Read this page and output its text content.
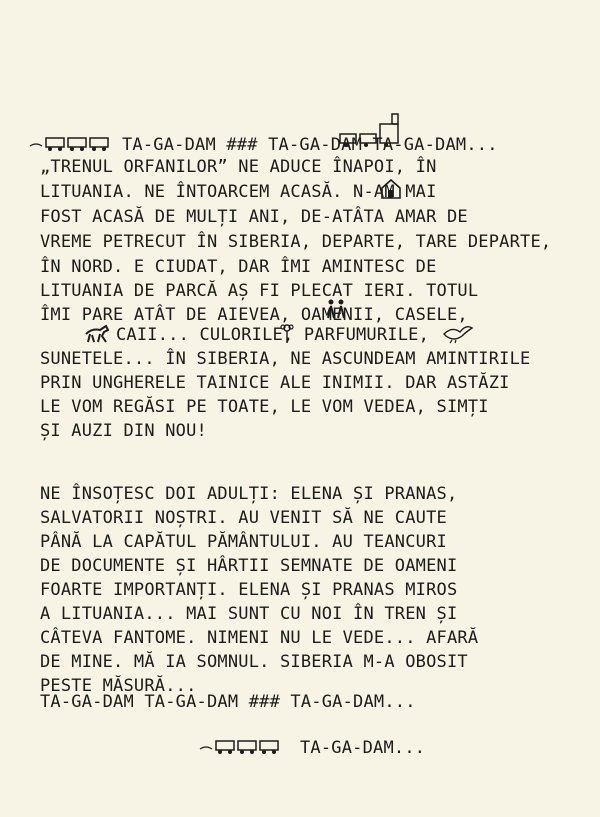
TA-GA-DAM ### TA-GA-DAM TA-GA-DAM...
„TRENUL ORFANILOR” NE ADUCE ÎNAPOI, ÎN
LITUANIA. NE ÎNTOARCEM ACASĂ. N-AM MAI
FOST ACASĂ DE MULȚI ANI, DE-ATÂTA AMAR DE
VREME PETRECUT ÎN SIBERIA, DEPARTE, TARE DEPARTE,
ÎN NORD. E CIUDAT, DAR ÎMI AMINTESC DE
LITUANIA DE PARCĂ AȘ FI PLECAT IERI. TOTUL
ÎMI PARE ATÂT DE AIEVEA, OAMENII, CASELE,
CAII... CULORILE, PARFUMURILE,
SUNETELE... ÎN SIBERIA, NE ASCUNDEAM AMINTIRILE
PRIN UNGHERELE TAINICE ALE INIMII. DAR ASTĂZI
LE VOM REGĂSI PE TOATE, LE VOM VEDEA, SIMȚI
ȘI AUZI DIN NOU!
NE ÎNSOȚESC DOI ADULȚI: ELENA ȘI PRANAS,
SALVATORII NOȘTRI. AU VENIT SĂ NE CAUTE
PÂNĂ LA CAPĂTUL PĂMÂNTULUI. AU TEANCURI
DE DOCUMENTE ȘI HÂRTII SEMNATE DE OAMENI
FOARTE IMPORTANȚI. ELENA ȘI PRANAS MIROS
A LITUANIA... MAI SUNT CU NOI ÎN TREN ȘI
CÂTEVA FANTOME. NIMENI NU LE VEDE... AFARĂ
DE MINE. MĂ IA SOMNUL. SIBERIA M-A OBOSIT
PESTE MĂSURĂ...
TA-GA-DAM TA-GA-DAM ### TA-GA-DAM...
TA-GA-DAM...
